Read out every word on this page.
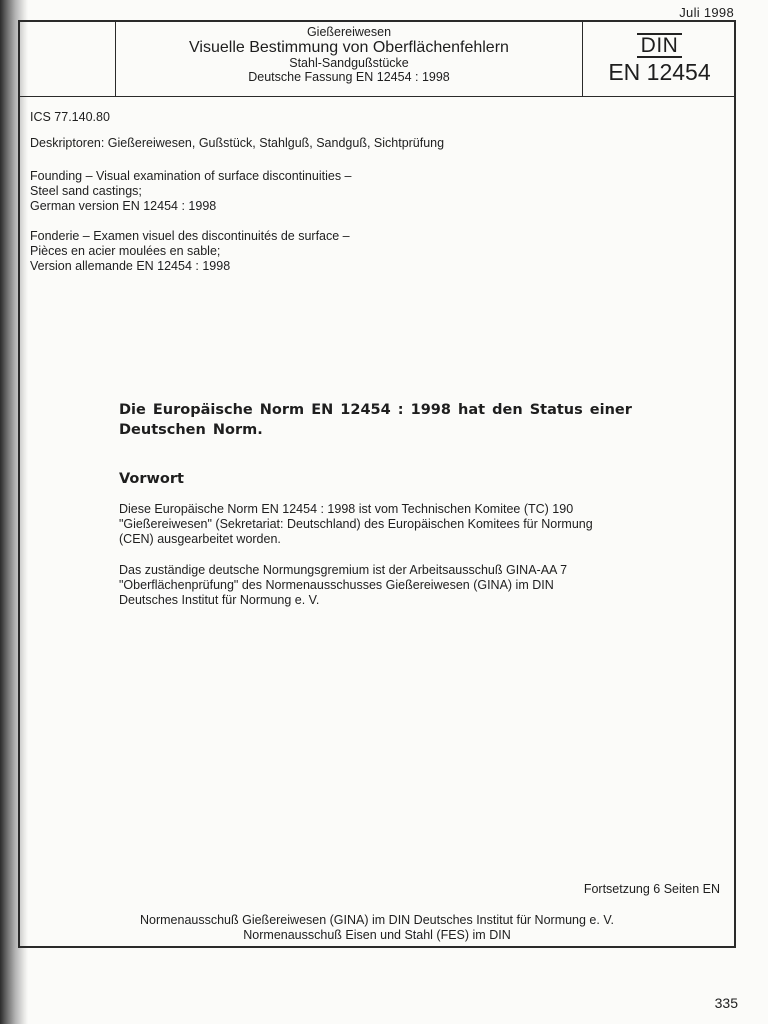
Juli 1998
Gießereiwesen
Visuelle Bestimmung von Oberflächenfehlern
Stahl-Sandgußstücke
Deutsche Fassung EN 12454 : 1998
DIN
EN 12454
ICS 77.140.80
Deskriptoren: Gießereiwesen, Gußstück, Stahlguß, Sandguß, Sichtprüfung
Founding – Visual examination of surface discontinuities –
Steel sand castings;
German version EN 12454 : 1998
Fonderie – Examen visuel des discontinuités de surface –
Pièces en acier moulées en sable;
Version allemande EN 12454 : 1998
Die Europäische Norm EN 12454 : 1998 hat den Status einer
Deutschen Norm.
Vorwort
Diese Europäische Norm EN 12454 : 1998 ist vom Technischen Komitee (TC) 190
"Gießereiwesen" (Sekretariat: Deutschland) des Europäischen Komitees für Normung
(CEN) ausgearbeitet worden.
Das zuständige deutsche Normungsgremium ist der Arbeitsausschuß GINA-AA 7
"Oberflächenprüfung" des Normenausschusses Gießereiwesen (GINA) im DIN
Deutsches Institut für Normung e. V.
Fortsetzung 6 Seiten EN
Normenausschuß Gießereiwesen (GINA) im DIN Deutsches Institut für Normung e. V.
Normenausschuß Eisen und Stahl (FES) im DIN
335
